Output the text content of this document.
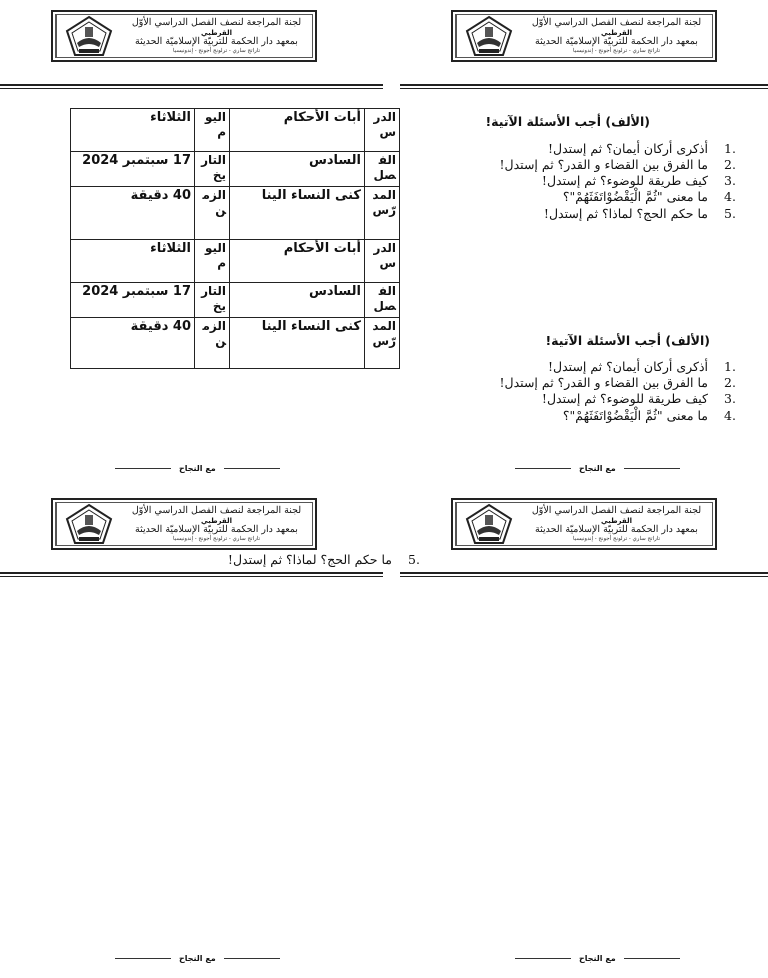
لجنة المراجعة لنصف الفصل الدراسي الأوّل
القرطبي
بمعهد دار الحكمة للتربيّة الإسلاميّة الحديثة
تاراتج ساري - ترلونج أجونج - إندونيسيا
لجنة المراجعة لنصف الفصل الدراسي الأوّل
القرطبي
بمعهد دار الحكمة للتربيّة الإسلاميّة الحديثة
تاراتج ساري - ترلونج أجونج - إندونيسيا
لجنة المراجعة لنصف الفصل الدراسي الأوّل
القرطبي
بمعهد دار الحكمة للتربيّة الإسلاميّة الحديثة
تاراتج ساري - ترلونج أجونج - إندونيسيا
لجنة المراجعة لنصف الفصل الدراسي الأوّل
القرطبي
بمعهد دار الحكمة للتربيّة الإسلاميّة الحديثة
تاراتج ساري - ترلونج أجونج - إندونيسيا
الدرس	أبات الأحكام	اليوم	الثلاثاء
الفصل	السادس	التاريخ	17 سبتمبر 2024
المدرّس	كنى النساء الينا	الزمن	40 دقيقة
الدرس	أبات الأحكام	اليوم	الثلاثاء
الفصل	السادس	التاريخ	17 سبتمبر 2024
المدرّس	كنى النساء الينا	الزمن	40 دقيقة
(الألف) أجب الأسئلة الآتية!
1.
أذكرى أركان أيمان؟ ثم إستدل!
2.
ما الفرق بين القضاء و القدر؟ ثم إستدل!
3.
كيف طريقة للوضوء؟ ثم إستدل!
4.
ما معنى "ثُمَّ الْيَقْضُوْاتَفَثَهُمْ"؟
5.
ما حكم الحج؟ لماذا؟ ثم إستدل!
(الألف) أجب الأسئلة الآتية!
1.
أذكرى أركان أيمان؟ ثم إستدل!
2.
ما الفرق بين القضاء و القدر؟ ثم إستدل!
3.
كيف طريقة للوضوء؟ ثم إستدل!
4.
ما معنى "ثُمَّ الْيَقْضُوْاتَفَثَهُمْ"؟
5.
ما حكم الحج؟ لماذا؟ ثم إستدل!
مع النجاح	مع النجاح
مع النجاح	مع النجاح
